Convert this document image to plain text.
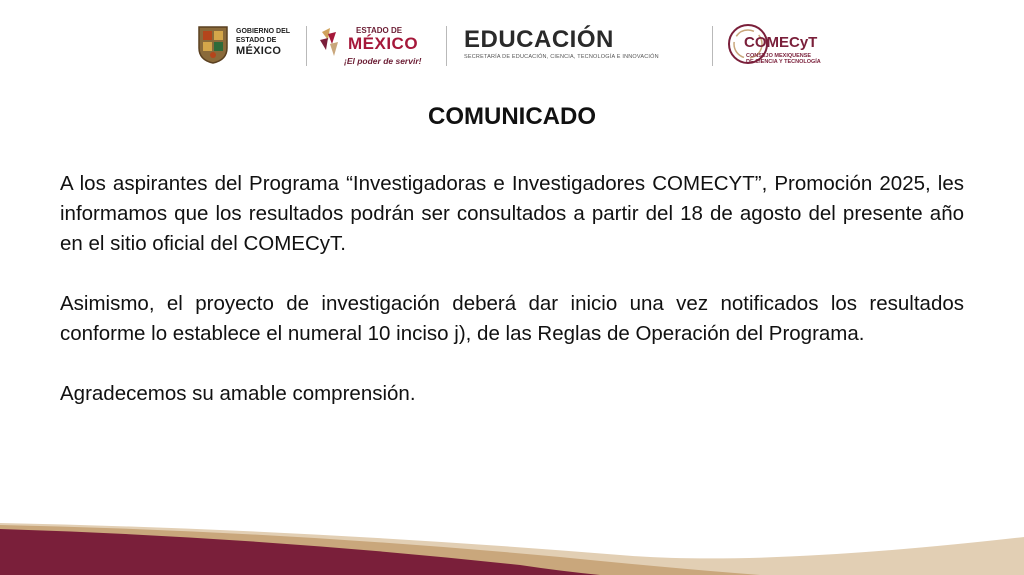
GOBIERNO DEL
ESTADO DE
MÉXICO
ESTADO DE
MÉXICO
¡El poder de servir!
EDUCACIÓN
SECRETARÍA DE EDUCACIÓN, CIENCIA, TECNOLOGÍA E INNOVACIÓN
COMECyT
CONSEJO MEXIQUENSE
DE CIENCIA Y TECNOLOGÍA
COMUNICADO

A los aspirantes del Programa “Investigadoras e Investigadores COMECYT”, Promoción 2025, les informamos que los resultados podrán ser consultados a partir del 18 de agosto del presente año en el sitio oficial del COMECyT.

Asimismo, el proyecto de investigación deberá dar inicio una vez notificados los resultados conforme lo establece el numeral 10 inciso j), de las Reglas de Operación del Programa.

Agradecemos su amable comprensión.
